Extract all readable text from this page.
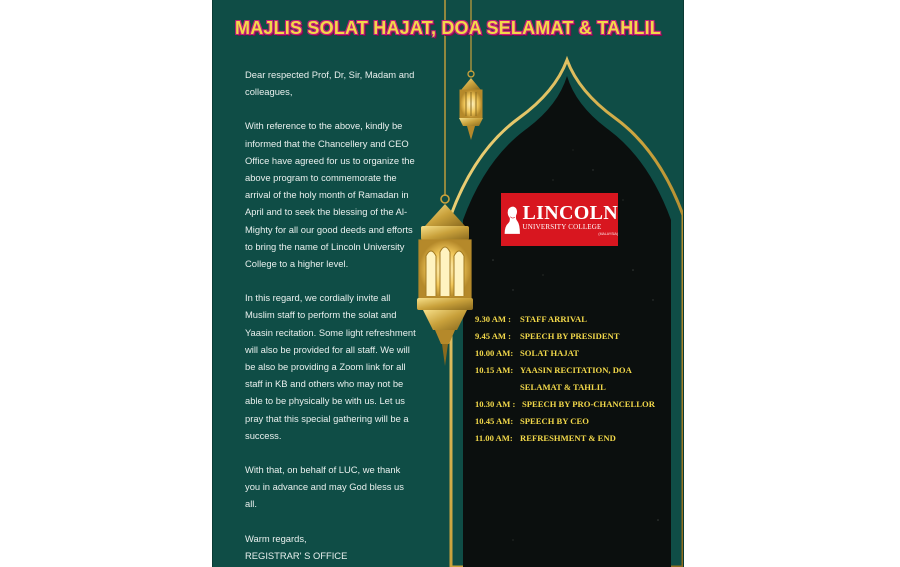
MAJLIS SOLAT HAJAT, DOA SELAMAT & TAHLIL

Dear respected Prof, Dr, Sir, Madam and colleagues,

With reference to the above, kindly be informed that the Chancellery and CEO Office have agreed for us to organize the above program to commemorate the arrival of the holy month of Ramadan in April and to seek the blessing of the Al-Mighty for all our good deeds and efforts to bring the name of Lincoln University College to a higher level.

In this regard, we cordially invite all Muslim staff to perform the solat and Yaasin recitation. Some light refreshment will also be provided for all staff. We will be also be providing a Zoom link for all staff in KB and others who may not be able to be physically be with us. Let us pray that this special gathering will be a success.

With that, on behalf of LUC, we thank you in advance and may God bless us all.

Warm regards,
REGISTRAR' S OFFICE

LINCOLN
UNIVERSITY COLLEGE
(MALAYSIA)
9.30 AM :	STAFF ARRIVAL
9.45 AM :	SPEECH BY PRESIDENT
10.00 AM: SOLAT HAJAT
10.15 AM: YAASIN RECITATION, DOA SELAMAT & TAHLIL
10.30 AM : SPEECH BY PRO-CHANCELLOR
10.45 AM: SPEECH BY CEO
11.00 AM: REFRESHMENT & END
